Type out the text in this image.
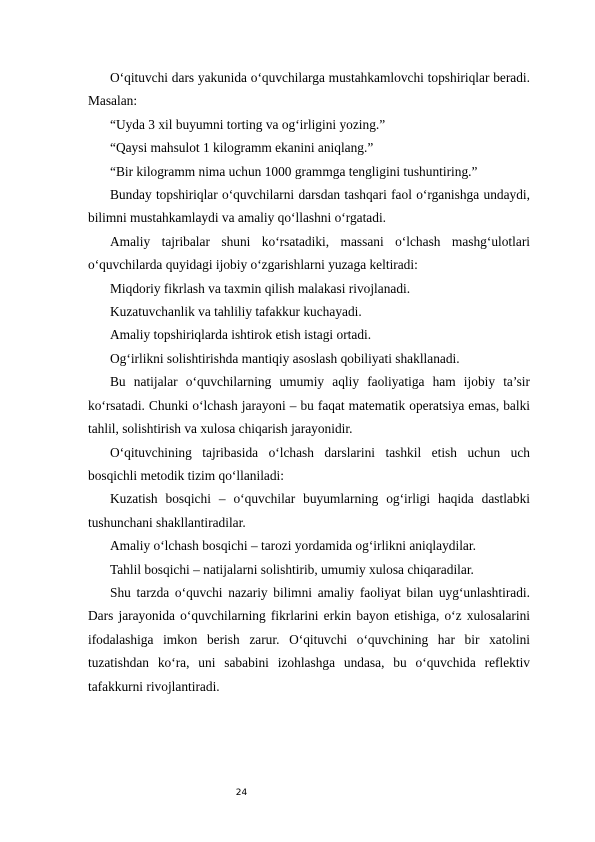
O‘qituvchi dars yakunida o‘quvchilarga mustahkamlovchi topshiriqlar beradi. Masalan:

“Uyda 3 xil buyumni torting va og‘irligini yozing.”

“Qaysi mahsulot 1 kilogramm ekanini aniqlang.”

“Bir kilogramm nima uchun 1000 grammga tengligini tushuntiring.”

Bunday topshiriqlar o‘quvchilarni darsdan tashqari faol o‘rganishga undaydi, bilimni mustahkamlaydi va amaliy qo‘llashni o‘rgatadi.

Amaliy tajribalar shuni ko‘rsatadiki, massani o‘lchash mashg‘ulotlari o‘quvchilarda quyidagi ijobiy o‘zgarishlarni yuzaga keltiradi:

Miqdoriy fikrlash va taxmin qilish malakasi rivojlanadi.

Kuzatuvchanlik va tahliliy tafakkur kuchayadi.

Amaliy topshiriqlarda ishtirok etish istagi ortadi.

Og‘irlikni solishtirishda mantiqiy asoslash qobiliyati shakllanadi.

Bu natijalar o‘quvchilarning umumiy aqliy faoliyatiga ham ijobiy ta’sir ko‘rsatadi. Chunki o‘lchash jarayoni – bu faqat matematik operatsiya emas, balki tahlil, solishtirish va xulosa chiqarish jarayonidir.

O‘qituvchining tajribasida o‘lchash darslarini tashkil etish uchun uch bosqichli metodik tizim qo‘llaniladi:

Kuzatish bosqichi – o‘quvchilar buyumlarning og‘irligi haqida dastlabki tushunchani shakllantiradilar.

Amaliy o‘lchash bosqichi – tarozi yordamida og‘irlikni aniqlaydilar.

Tahlil bosqichi – natijalarni solishtirib, umumiy xulosa chiqaradilar.

Shu tarzda o‘quvchi nazariy bilimni amaliy faoliyat bilan uyg‘unlashtiradi. Dars jarayonida o‘quvchilarning fikrlarini erkin bayon etishiga, o‘z xulosalarini ifodalashiga imkon berish zarur. O‘qituvchi o‘quvchining har bir xatolini tuzatishdan ko‘ra, uni sababini izohlashga undasa, bu o‘quvchida reflektiv tafakkurni rivojlantiradi.

24
